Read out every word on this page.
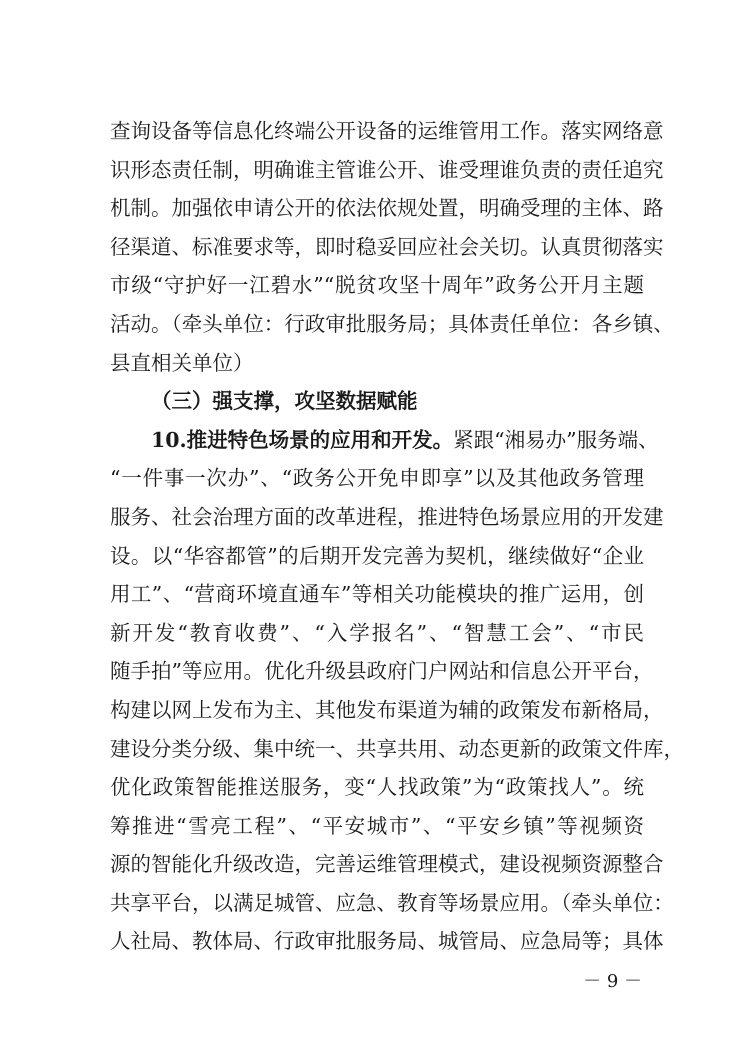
查询设备等信息化终端公开设备的运维管用工作。落实网络意
识形态责任制，明确谁主管谁公开、谁受理谁负责的责任追究
机制。加强依申请公开的依法依规处置，明确受理的主体、路
径渠道、标准要求等，即时稳妥回应社会关切。认真贯彻落实
市级“守护好一江碧水”“脱贫攻坚十周年”政务公开月主题
活动。（牵头单位：行政审批服务局；具体责任单位：各乡镇、
县直相关单位）
（三）强支撑，攻坚数据赋能
10.推进特色场景的应用和开发。紧跟“湘易办”服务端、
“一件事一次办”、“政务公开免申即享”以及其他政务管理
服务、社会治理方面的改革进程，推进特色场景应用的开发建
设。以“华容都管”的后期开发完善为契机，继续做好“企业
用工”、“营商环境直通车”等相关功能模块的推广运用，创
新开发“教育收费”、“入学报名”、“智慧工会”、“市民
随手拍”等应用。优化升级县政府门户网站和信息公开平台，
构建以网上发布为主、其他发布渠道为辅的政策发布新格局，
建设分类分级、集中统一、共享共用、动态更新的政策文件库，
优化政策智能推送服务，变“人找政策”为“政策找人”。统
筹推进“雪亮工程”、“平安城市”、“平安乡镇”等视频资
源的智能化升级改造，完善运维管理模式，建设视频资源整合
共享平台，以满足城管、应急、教育等场景应用。（牵头单位：
人社局、教体局、行政审批服务局、城管局、应急局等；具体
－ 9 －
